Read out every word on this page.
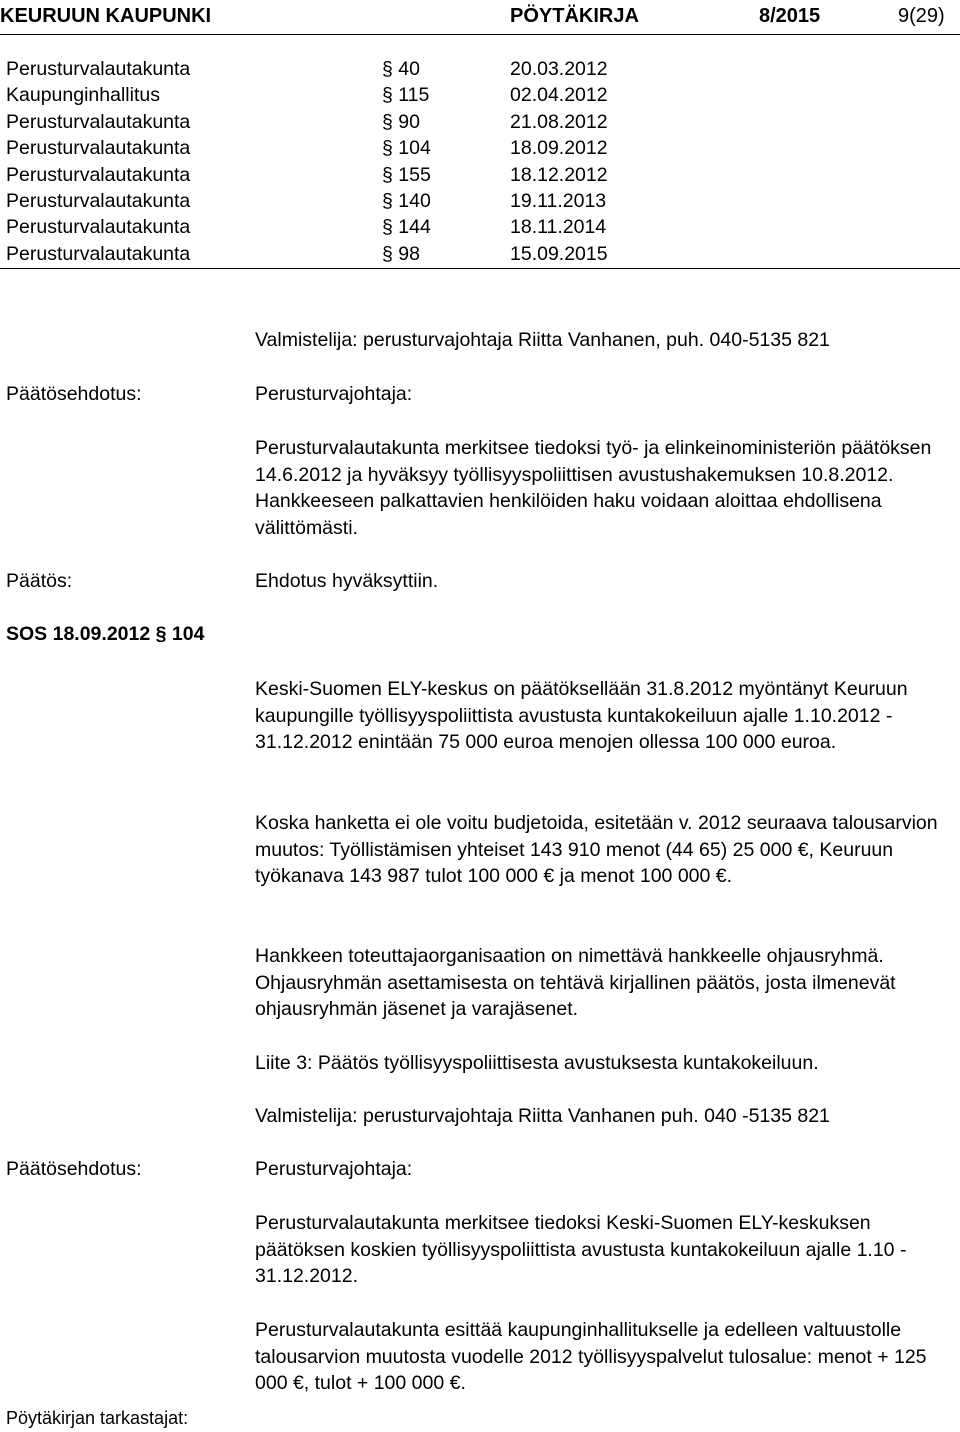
KEURUUN KAUPUNKI	PÖYTÄKIRJA	8/2015	9(29)
Perusturvalautakunta	§ 40	20.03.2012
Kaupunginhallitus	§ 115	02.04.2012
Perusturvalautakunta	§ 90	21.08.2012
Perusturvalautakunta	§ 104	18.09.2012
Perusturvalautakunta	§ 155	18.12.2012
Perusturvalautakunta	§ 140	19.11.2013
Perusturvalautakunta	§ 144	18.11.2014
Perusturvalautakunta	§ 98	15.09.2015
Valmistelija: perusturvajohtaja Riitta Vanhanen, puh. 040-5135 821
Päätösehdotus:	Perusturvajohtaja:
Perusturvalautakunta merkitsee tiedoksi työ- ja elinkeinoministeriön päätöksen 14.6.2012 ja hyväksyy työllisyyspoliittisen avustushakemuksen 10.8.2012. Hankkeeseen palkattavien henkilöiden haku voidaan aloittaa ehdollisena välittömästi.
Päätös:	Ehdotus hyväksyttiin.
SOS 18.09.2012 § 104
Keski-Suomen ELY-keskus on päätöksellään 31.8.2012 myöntänyt Keuruun kaupungille työllisyyspoliittista avustusta kuntakokeiluun ajalle 1.10.2012 - 31.12.2012 enintään 75 000 euroa menojen ollessa 100 000 euroa.
Koska hanketta ei ole voitu budjetoida, esitetään v. 2012 seuraava talousarvion muutos: Työllistämisen yhteiset 143 910 menot (44 65) 25 000 €, Keuruun työkanava 143 987 tulot 100 000 € ja menot 100 000 €.
Hankkeen toteuttajaorganisaation on nimettävä hankkeelle ohjausryhmä. Ohjausryhmän asettamisesta on tehtävä kirjallinen päätös, josta ilmenevät ohjausryhmän jäsenet ja varajäsenet.
Liite 3: Päätös työllisyyspoliittisesta avustuksesta kuntakokeiluun.
Valmistelija: perusturvajohtaja Riitta Vanhanen puh. 040 -5135 821
Päätösehdotus:	Perusturvajohtaja:
Perusturvalautakunta merkitsee tiedoksi Keski-Suomen ELY-keskuksen päätöksen koskien työllisyyspoliittista avustusta kuntakokeiluun ajalle 1.10 - 31.12.2012.
Perusturvalautakunta esittää kaupunginhallitukselle ja edelleen valtuustolle talousarvion muutosta vuodelle 2012 työllisyyspalvelut tulosalue: menot + 125 000 €, tulot + 100 000 €.
Pöytäkirjan tarkastajat:
